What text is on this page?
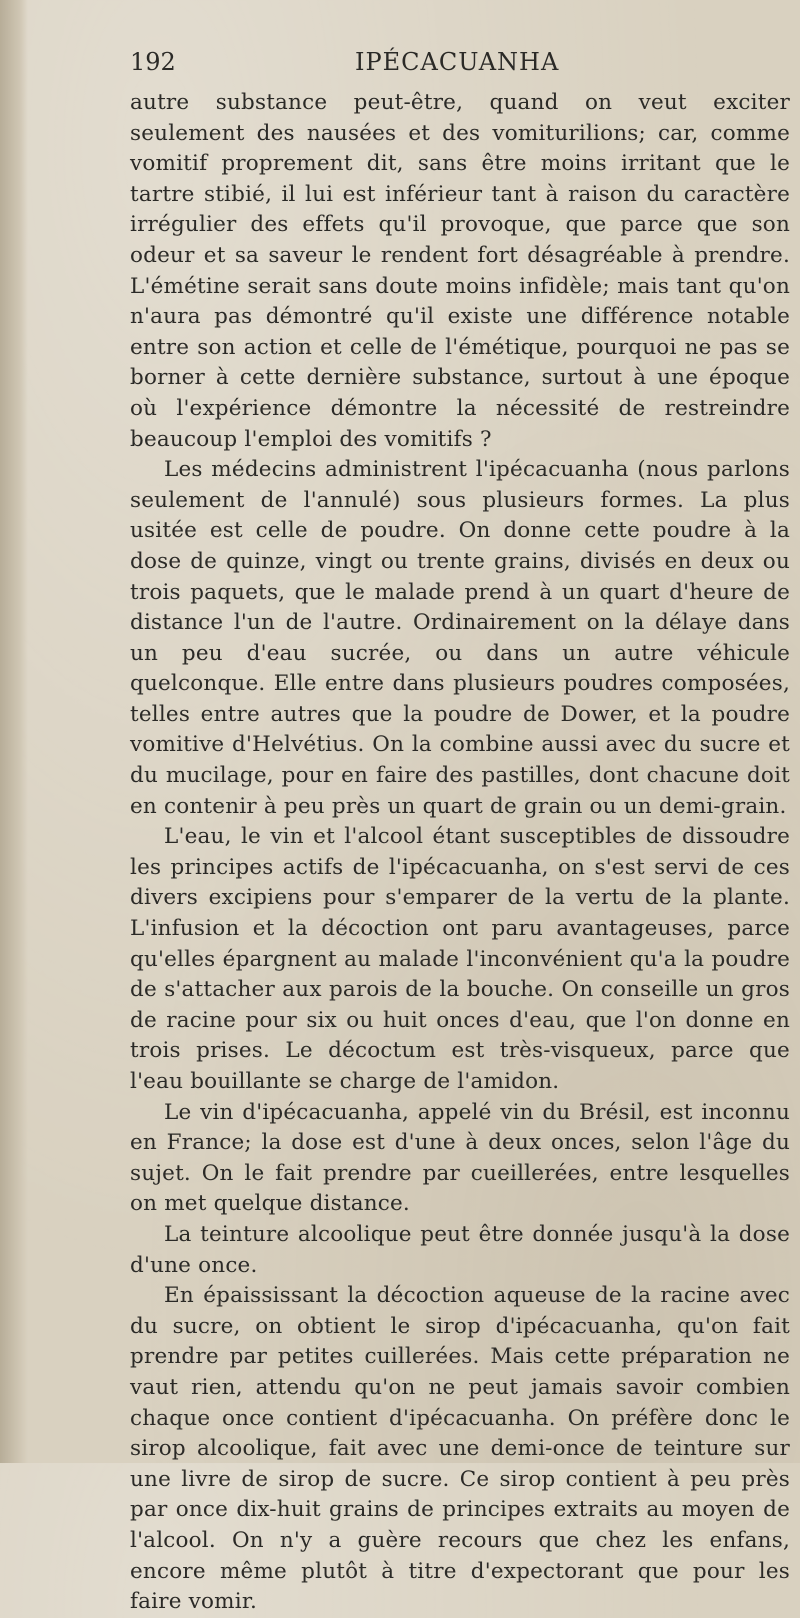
192	IPÉCACUANHA

autre substance peut-être, quand on veut exciter seulement des nausées et des vomiturilions; car, comme vomitif proprement dit, sans être moins irritant que le tartre stibié, il lui est inférieur tant à raison du caractère irrégulier des effets qu'il provoque, que parce que son odeur et sa saveur le rendent fort désagréable à prendre. L'émétine serait sans doute moins infidèle; mais tant qu'on n'aura pas démontré qu'il existe une différence notable entre son action et celle de l'émétique, pourquoi ne pas se borner à cette dernière substance, surtout à une époque où l'expérience démontre la nécessité de restreindre beaucoup l'emploi des vomitifs ?

Les médecins administrent l'ipécacuanha (nous parlons seulement de l'annulé) sous plusieurs formes. La plus usitée est celle de poudre. On donne cette poudre à la dose de quinze, vingt ou trente grains, divisés en deux ou trois paquets, que le malade prend à un quart d'heure de distance l'un de l'autre. Ordinairement on la délaye dans un peu d'eau sucrée, ou dans un autre véhicule quelconque. Elle entre dans plusieurs poudres composées, telles entre autres que la poudre de Dower, et la poudre vomitive d'Helvétius. On la combine aussi avec du sucre et du mucilage, pour en faire des pastilles, dont chacune doit en contenir à peu près un quart de grain ou un demi-grain.

L'eau, le vin et l'alcool étant susceptibles de dissoudre les principes actifs de l'ipécacuanha, on s'est servi de ces divers excipiens pour s'emparer de la vertu de la plante. L'infusion et la décoction ont paru avantageuses, parce qu'elles épargnent au malade l'inconvénient qu'a la poudre de s'attacher aux parois de la bouche. On conseille un gros de racine pour six ou huit onces d'eau, que l'on donne en trois prises. Le décoctum est très-visqueux, parce que l'eau bouillante se charge de l'amidon.

Le vin d'ipécacuanha, appelé vin du Brésil, est inconnu en France; la dose est d'une à deux onces, selon l'âge du sujet. On le fait prendre par cueillerées, entre lesquelles on met quelque distance.

La teinture alcoolique peut être donnée jusqu'à la dose d'une once.

En épaississant la décoction aqueuse de la racine avec du sucre, on obtient le sirop d'ipécacuanha, qu'on fait prendre par petites cuillerées. Mais cette préparation ne vaut rien, attendu qu'on ne peut jamais savoir combien chaque once contient d'ipécacuanha. On préfère donc le sirop alcoolique, fait avec une demi-once de teinture sur une livre de sirop de sucre. Ce sirop contient à peu près par once dix-huit grains de principes extraits au moyen de l'alcool. On n'y a guère recours que chez les enfans, encore même plutôt à titre d'expectorant que pour les faire vomir.
